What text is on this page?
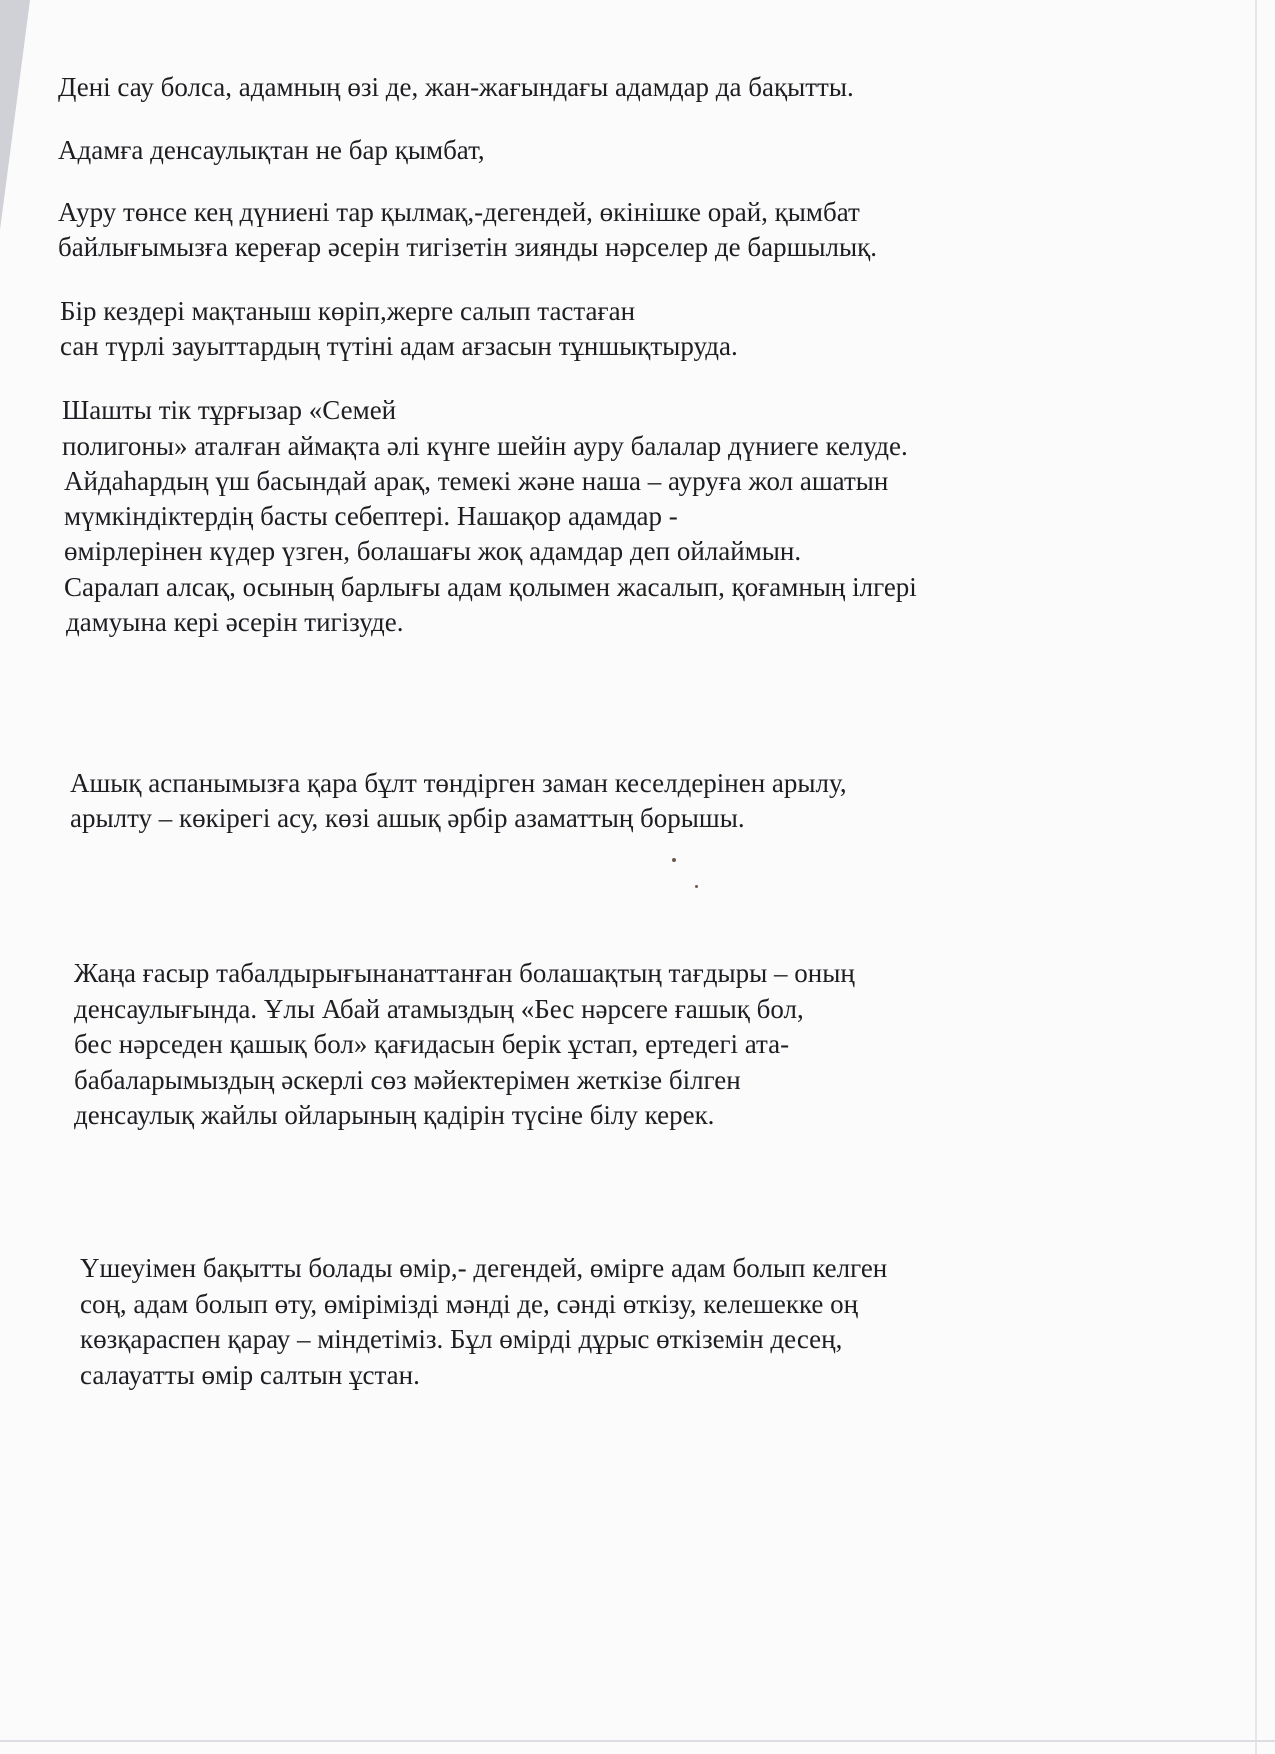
Дені сау болса, адамның өзі де, жан-жағындағы адамдар да бақытты.
Адамға денсаулықтан не бар қымбат,
Ауру төнсе кең дүниені тар қылмақ,-дегендей, өкінішке орай, қымбат
байлығымызға кереғар әсерін тигізетін зиянды нәрселер де баршылық.
Бір кездері мақтаныш көріп,жерге салып тастаған
сан түрлі зауыттардың түтіні адам ағзасын тұншықтыруда.
Шашты тік тұрғызар «Семей
полигоны» аталған аймақта әлі күнге шейін ауру балалар дүниеге келуде.
Айдаһардың үш басындай арақ, темекі және наша – ауруға жол ашатын
мүмкіндіктердің басты себептері. Нашақор адамдар -
өмірлерінен күдер үзген, болашағы жоқ адамдар деп ойлаймын.
Саралап алсақ, осының барлығы адам қолымен жасалып, қоғамның ілгері
дамуына кері әсерін тигізуде.
Ашық аспанымызға қара бұлт төндірген заман кеселдерінен арылу,
арылту – көкірегі асу, көзі ашық әрбір азаматтың борышы.
Жаңа ғасыр табалдырығынанаттанған болашақтың тағдыры – оның
денсаулығында. Ұлы Абай атамыздың «Бес нәрсеге ғашық бол,
бес нәрседен қашық бол» қағидасын берік ұстап, ертедегі ата-
бабаларымыздың әскерлі сөз мәйектерімен жеткізе білген
денсаулық жайлы ойларының қадірін түсіне білу керек.
Үшеуімен бақытты болады өмір,- дегендей, өмірге адам болып келген
соң, адам болып өту, өмірімізді мәнді де, сәнді өткізу, келешекке оң
көзқараспен қарау – міндетіміз. Бұл өмірді дұрыс өткіземін десең,
салауатты өмір салтын ұстан.
